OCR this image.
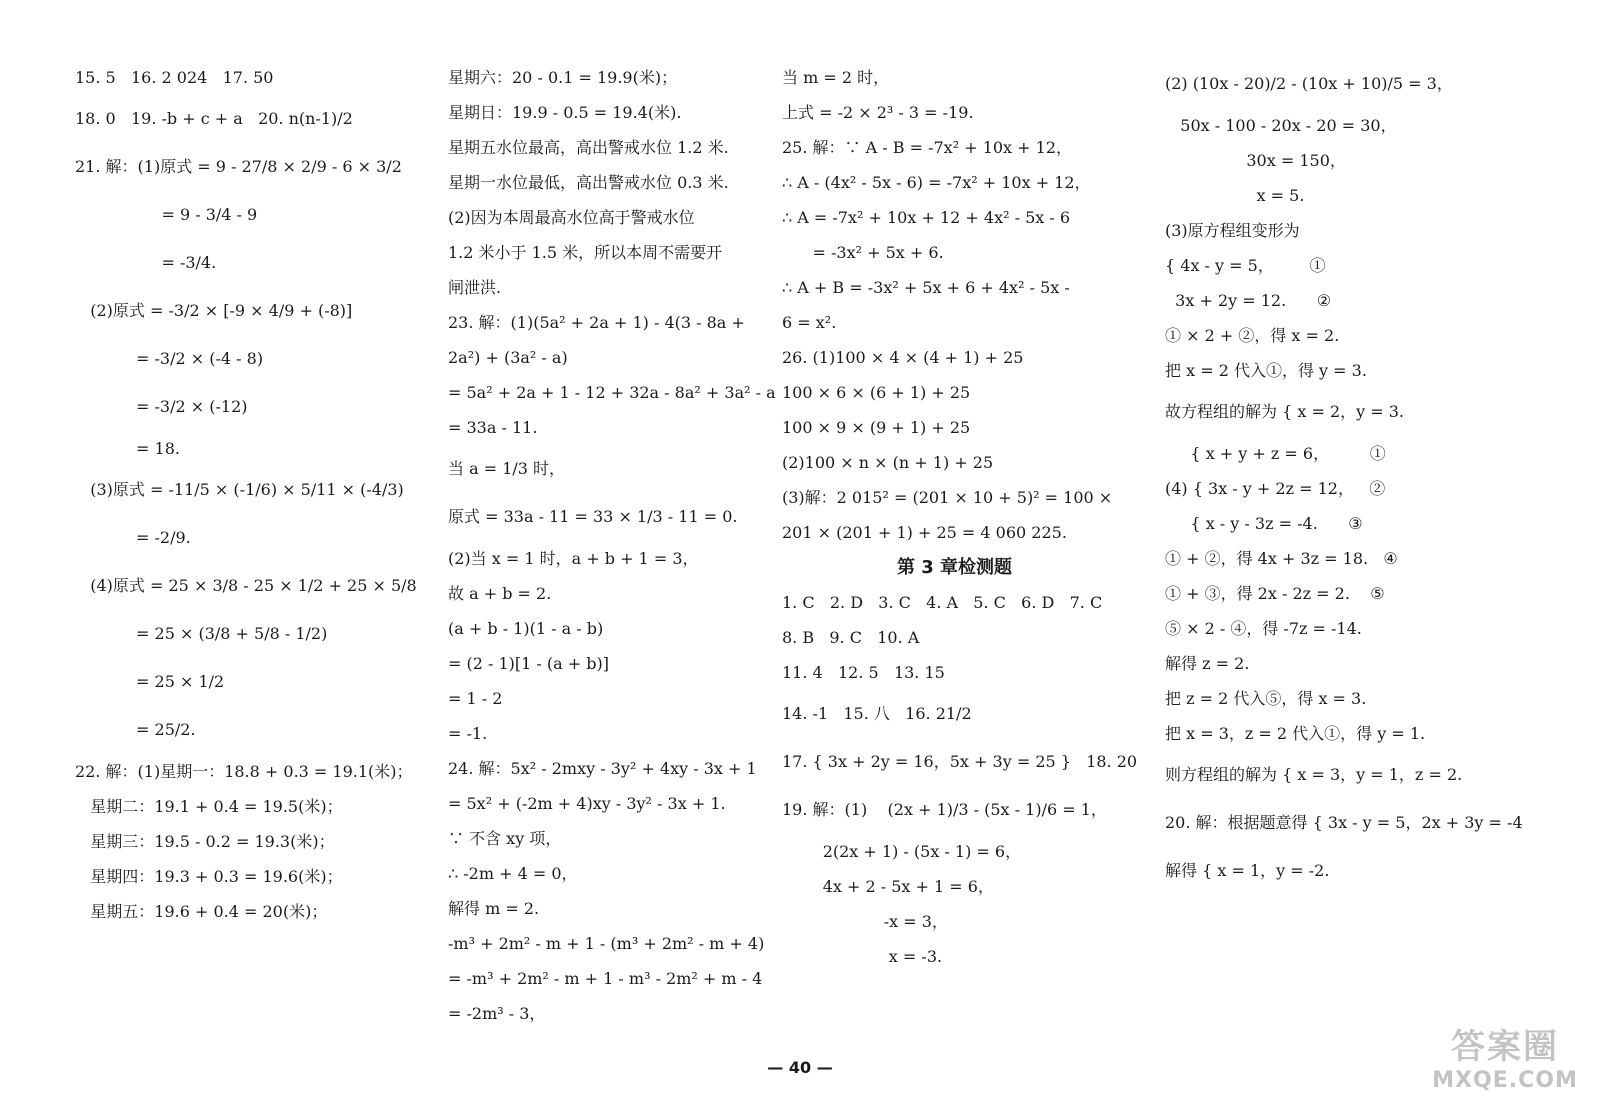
15. 5   16. 2 024   17. 50
18. 0   19. -b + c + a   20. n(n-1)/2
21. 解：(1)原式 = 9 - 27/8 × 2/9 - 6 × 3/2
= 9 - 3/4 - 9
= -3/4.
(2)原式 = -3/2 × [-9 × 4/9 + (-8)]
= -3/2 × (-4 - 8)
= -3/2 × (-12)
= 18.
(3)原式 = -11/5 × (-1/6) × 5/11 × (-4/3)
= -2/9.
(4)原式 = 25 × 3/8 - 25 × 1/2 + 25 × 5/8
= 25 × (3/8 + 5/8 - 1/2)
= 25 × 1/2
= 25/2.
22. 解：(1)星期一：18.8 + 0.3 = 19.1(米)；
星期二：19.1 + 0.4 = 19.5(米)；
星期三：19.5 - 0.2 = 19.3(米)；
星期四：19.3 + 0.3 = 19.6(米)；
星期五：19.6 + 0.4 = 20(米)；
星期六：20 - 0.1 = 19.9(米)；
星期日：19.9 - 0.5 = 19.4(米).
星期五水位最高，高出警戒水位 1.2 米.
星期一水位最低，高出警戒水位 0.3 米.
(2)因为本周最高水位高于警戒水位
1.2 米小于 1.5 米，所以本周不需要开
闸泄洪.
23. 解：(1)(5a² + 2a + 1) - 4(3 - 8a +
2a²) + (3a² - a)
= 5a² + 2a + 1 - 12 + 32a - 8a² + 3a² - a
= 33a - 11.
当 a = 1/3 时，
原式 = 33a - 11 = 33 × 1/3 - 11 = 0.
(2)当 x = 1 时，a + b + 1 = 3，
故 a + b = 2.
(a + b - 1)(1 - a - b)
= (2 - 1)[1 - (a + b)]
= 1 - 2
= -1.
24. 解：5x² - 2mxy - 3y² + 4xy - 3x + 1
= 5x² + (-2m + 4)xy - 3y² - 3x + 1.
∵ 不含 xy 项，
∴ -2m + 4 = 0，
解得 m = 2.
-m³ + 2m² - m + 1 - (m³ + 2m² - m + 4)
= -m³ + 2m² - m + 1 - m³ - 2m² + m - 4
= -2m³ - 3，
当 m = 2 时，
上式 = -2 × 2³ - 3 = -19.
25. 解：∵ A - B = -7x² + 10x + 12，
∴ A - (4x² - 5x - 6) = -7x² + 10x + 12，
∴ A = -7x² + 10x + 12 + 4x² - 5x - 6
= -3x² + 5x + 6.
∴ A + B = -3x² + 5x + 6 + 4x² - 5x -
6 = x².
26. (1)100 × 4 × (4 + 1) + 25
100 × 6 × (6 + 1) + 25
100 × 9 × (9 + 1) + 25
(2)100 × n × (n + 1) + 25
(3)解：2 015² = (201 × 10 + 5)² = 100 ×
201 × (201 + 1) + 25 = 4 060 225.
第 3 章检测题
1. C   2. D   3. C   4. A   5. C   6. D   7. C
8. B   9. C   10. A
11. 4   12. 5   13. 15
14. -1   15. 八   16. 21/2
17. { 3x + 2y = 16，5x + 3y = 25 }   18. 20
19. 解：(1)    (2x + 1)/3 - (5x - 1)/6 = 1，
2(2x + 1) - (5x - 1) = 6，
4x + 2 - 5x + 1 = 6，
-x = 3，
x = -3.
(2) (10x - 20)/2 - (10x + 10)/5 = 3，
50x - 100 - 20x - 20 = 30，
30x = 150，
x = 5.
(3)原方程组变形为
{ 4x - y = 5，       ①
3x + 2y = 12.      ②
① × 2 + ②，得 x = 2.
把 x = 2 代入①，得 y = 3.
故方程组的解为 { x = 2，y = 3.
{ x + y + z = 6，        ①
(4) { 3x - y + 2z = 12，   ②
{ x - y - 3z = -4.      ③
① + ②，得 4x + 3z = 18.   ④
① + ③，得 2x - 2z = 2.    ⑤
⑤ × 2 - ④，得 -7z = -14.
解得 z = 2.
把 z = 2 代入⑤，得 x = 3.
把 x = 3，z = 2 代入①，得 y = 1.
则方程组的解为 { x = 3，y = 1，z = 2.
20. 解：根据题意得 { 3x - y = 5，2x + 3y = -4
解得 { x = 1，y = -2.
— 40 —
答案圈
MXQE.COM
